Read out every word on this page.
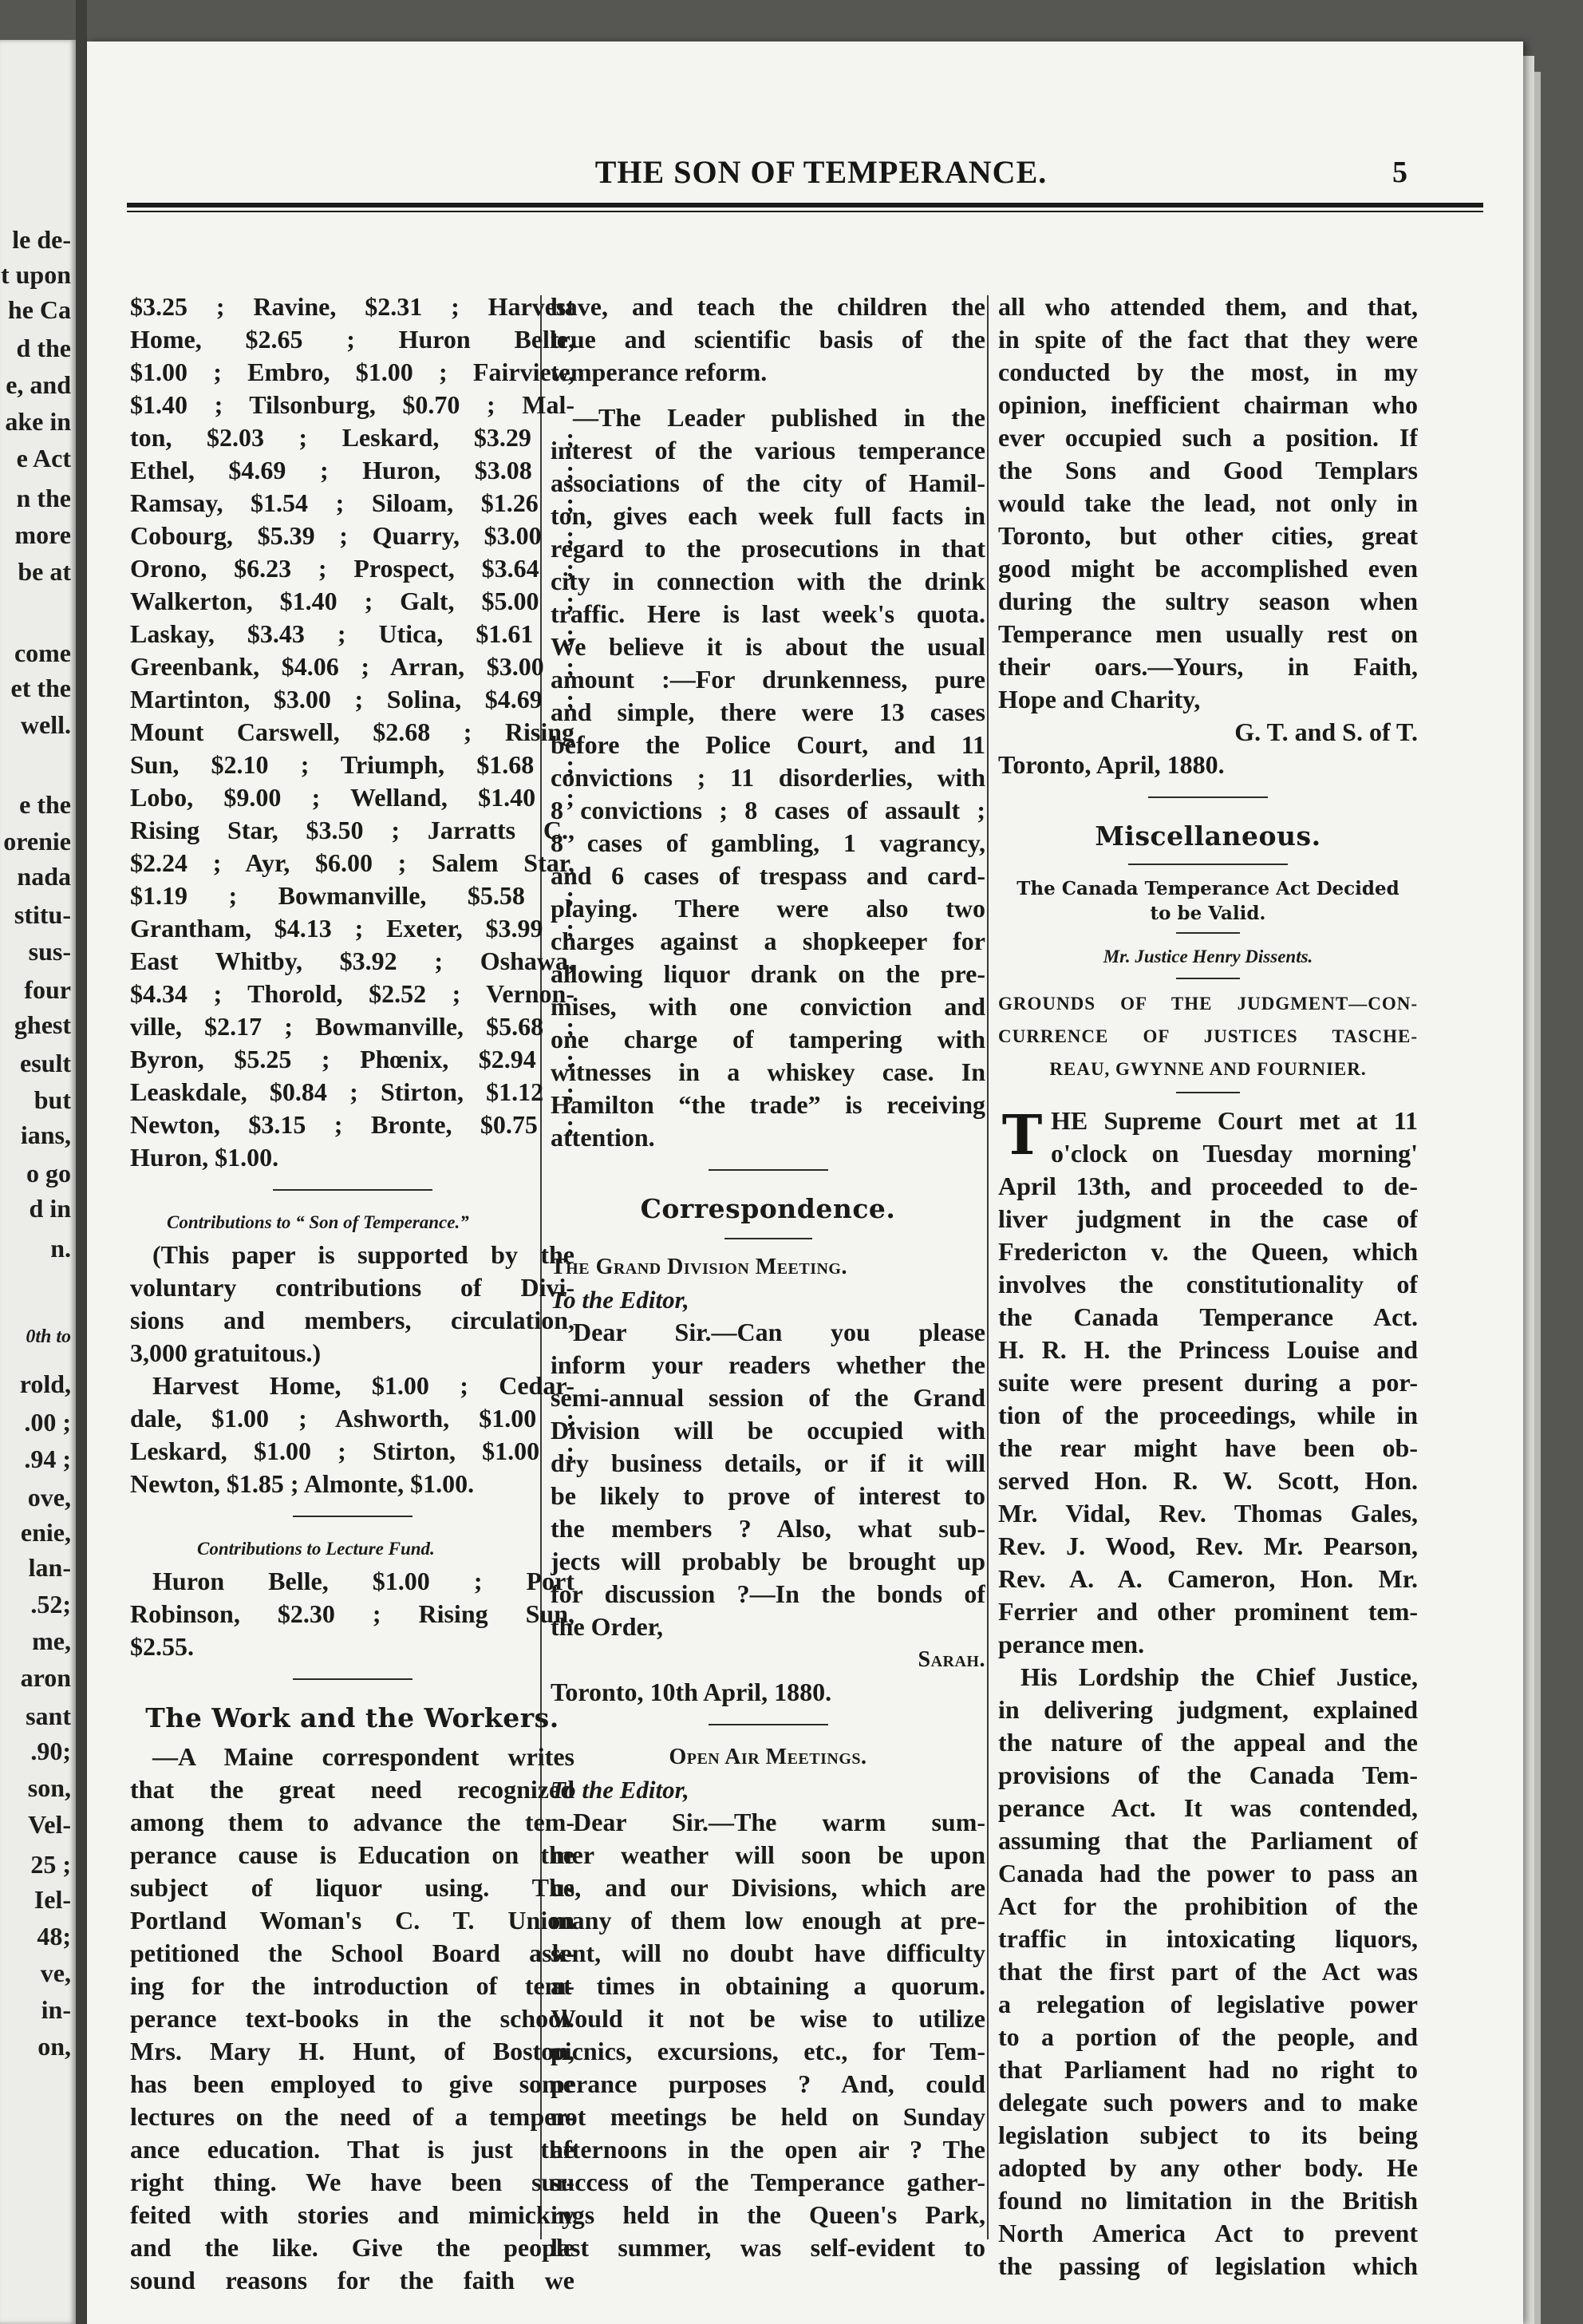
le de-
t upon
he Ca
d the
e, and
ake in
e Act
n the
more
be at
come
et the
well.
e the
orenie
nada
stitu-
sus-
four
ghest
esult
but
ians,
o go
d in
n.
0th to
rold,
.00 ;
.94 ;
ove,
enie,
lan-
.52;
me,
aron
sant
.90;
son,
Vel-
25 ;
Iel-
48;
ve,
in-
on,
THE SON OF TEMPERANCE.	5
$3.25 ; Ravine, $2.31 ; Harvest
Home, $2.65 ; Huron Belle,
$1.00 ; Embro, $1.00 ; Fairview,
$1.40 ; Tilsonburg, $0.70 ; Mal-
ton, $2.03 ; Leskard, $3.29 ;
Ethel, $4.69 ; Huron, $3.08 ;
Ramsay, $1.54 ; Siloam, $1.26 ;
Cobourg, $5.39 ; Quarry, $3.00 ;
Orono, $6.23 ; Prospect, $3.64 ;
Walkerton, $1.40 ; Galt, $5.00 ;
Laskay, $3.43 ; Utica, $1.61 ;
Greenbank, $4.06 ; Arran, $3.00 ;
Martinton, $3.00 ; Solina, $4.69 ;
Mount Carswell, $2.68 ; Rising
Sun, $2.10 ; Triumph, $1.68 ;
Lobo, $9.00 ; Welland, $1.40 ;
Rising Star, $3.50 ; Jarratts C.,
$2.24 ; Ayr, $6.00 ; Salem Star,
$1.19 ; Bowmanville, $5.58 ;
Grantham, $4.13 ; Exeter, $3.99 ;
East Whitby, $3.92 ; Oshawa,
$4.34 ; Thorold, $2.52 ; Vernon-
ville, $2.17 ; Bowmanville, $5.68 ;
Byron, $5.25 ; Phœnix, $2.94 ;
Leaskdale, $0.84 ; Stirton, $1.12 ;
Newton, $3.15 ; Bronte, $0.75 ;
Huron, $1.00.
Contributions to “ Son of Temperance.”
(This paper is supported by the
voluntary contributions of Divi-
sions and members, circulation,
3,000 gratuitous.)
Harvest Home, $1.00 ; Cedar-
dale, $1.00 ; Ashworth, $1.00 ;
Leskard, $1.00 ; Stirton, $1.00 ;
Newton, $1.85 ; Almonte, $1.00.
Contributions to Lecture Fund.
Huron Belle, $1.00 ; Port
Robinson, $2.30 ; Rising Sun,
$2.55.
The Work and the Workers.
—A Maine correspondent writes
that the great need recognized
among them to advance the tem-
perance cause is Education on the
subject of liquor using. The
Portland Woman's C. T. Union
petitioned the School Board ask-
ing for the introduction of tem-
perance text-books in the school.
Mrs. Mary H. Hunt, of Boston,
has been employed to give some
lectures on the need of a temper-
ance education. That is just the
right thing. We have been sur-
feited with stories and mimickry
and the like. Give the people
sound reasons for the faith we
have, and teach the children the
true and scientific basis of the
temperance reform.
—The Leader published in the
interest of the various temperance
associations of the city of Hamil-
ton, gives each week full facts in
regard to the prosecutions in that
city in connection with the drink
traffic. Here is last week's quota.
We believe it is about the usual
amount :—For drunkenness, pure
and simple, there were 13 cases
before the Police Court, and 11
convictions ; 11 disorderlies, with
8 convictions ; 8 cases of assault ;
8 cases of gambling, 1 vagrancy,
and 6 cases of trespass and card-
playing. There were also two
charges against a shopkeeper for
allowing liquor drank on the pre-
mises, with one conviction and
one charge of tampering with
witnesses in a whiskey case. In
Hamilton “the trade” is receiving
attention.
Correspondence.
The Grand Division Meeting.
To the Editor,
Dear Sir.—Can you please
inform your readers whether the
semi-annual session of the Grand
Division will be occupied with
dry business details, or if it will
be likely to prove of interest to
the members ? Also, what sub-
jects will probably be brought up
for discussion ?—In the bonds of
the Order,
Sarah.
Toronto, 10th April, 1880.
Open Air Meetings.
To the Editor,
Dear Sir.—The warm sum-
mer weather will soon be upon
us, and our Divisions, which are
many of them low enough at pre-
sent, will no doubt have difficulty
at times in obtaining a quorum.
Would it not be wise to utilize
picnics, excursions, etc., for Tem-
perance purposes ? And, could
not meetings be held on Sunday
afternoons in the open air ? The
success of the Temperance gather-
ings held in the Queen's Park,
last summer, was self-evident to
all who attended them, and that,
in spite of the fact that they were
conducted by the most, in my
opinion, inefficient chairman who
ever occupied such a position. If
the Sons and Good Templars
would take the lead, not only in
Toronto, but other cities, great
good might be accomplished even
during the sultry season when
Temperance men usually rest on
their oars.—Yours, in Faith,
Hope and Charity,
G. T. and S. of T.
Toronto, April, 1880.
Miscellaneous.
The Canada Temperance Act Decided
to be Valid.
Mr. Justice Henry Dissents.
GROUNDS OF THE JUDGMENT—CON-
CURRENCE OF JUSTICES TASCHE-
REAU, GWYNNE AND FOURNIER.
T HE Supreme Court met at 11
o'clock on Tuesday morning'
April 13th, and proceeded to de-
liver judgment in the case of
Fredericton v. the Queen, which
involves the constitutionality of
the Canada Temperance Act.
H. R. H. the Princess Louise and
suite were present during a por-
tion of the proceedings, while in
the rear might have been ob-
served Hon. R. W. Scott, Hon.
Mr. Vidal, Rev. Thomas Gales,
Rev. J. Wood, Rev. Mr. Pearson,
Rev. A. A. Cameron, Hon. Mr.
Ferrier and other prominent tem-
perance men.
His Lordship the Chief Justice,
in delivering judgment, explained
the nature of the appeal and the
provisions of the Canada Tem-
perance Act. It was contended,
assuming that the Parliament of
Canada had the power to pass an
Act for the prohibition of the
traffic in intoxicating liquors,
that the first part of the Act was
a relegation of legislative power
to a portion of the people, and
that Parliament had no right to
delegate such powers and to make
legislation subject to its being
adopted by any other body. He
found no limitation in the British
North America Act to prevent
the passing of legislation which
